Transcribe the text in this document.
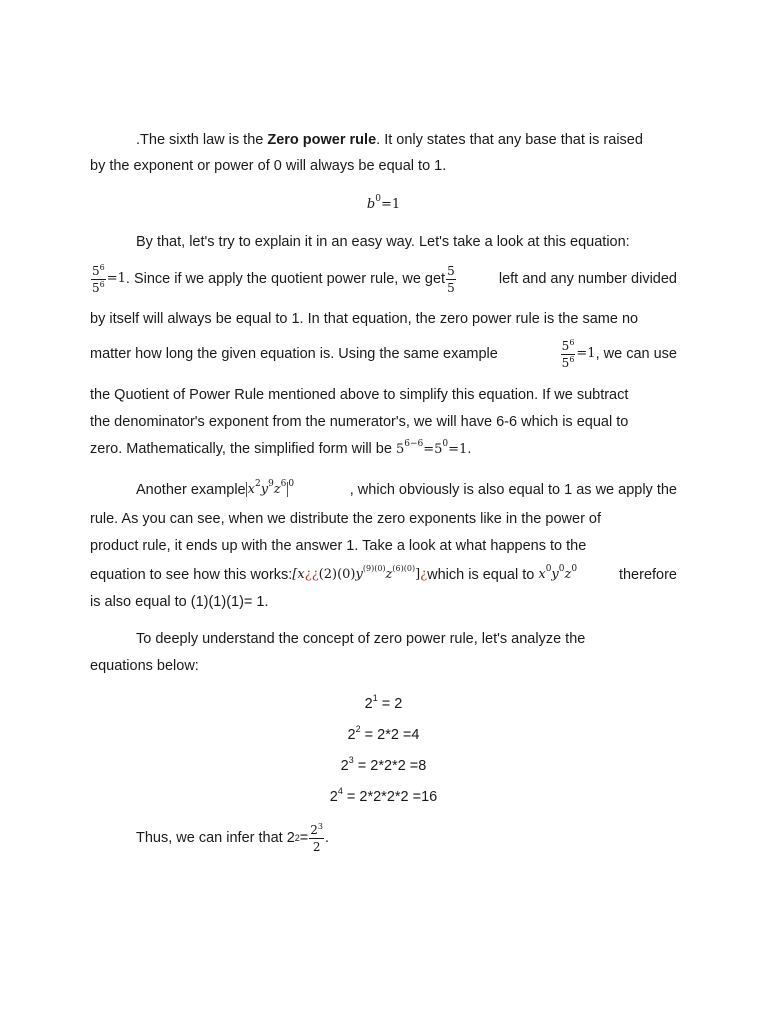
.The sixth law is the Zero power rule. It only states that any base that is raised
by the exponent or power of 0 will always be equal to 1.
$b^0=1$
By that, let's try to explain it in an easy way. Let's take a look at this equation:
$\frac{5^6}{5^6} =1$ . Since if we apply the quotient power rule, we get $\frac{5}{5}$	left and any number divided
by itself will always be equal to 1. In that equation, the zero power rule is the same no
matter how long the given equation is. Using the same example	$\frac{5^6}{5^6} =1$ , we can use
the Quotient of Power Rule mentioned above to simplify this equation. If we subtract
the denominator's exponent from the numerator's, we will have 6-6 which is equal to
zero. Mathematically, the simplified form will be $5^{6-6}=5^0=1$.
Another example $x^2y^9z^6$ $^0$	, which obviously is also equal to 1 as we apply the
rule. As you can see, when we distribute the zero exponents like in the power of
product rule, it ends up with the answer 1. Take a look at what happens to the
equation to see how this works: $[x¿¿(2)(0)y^{(9)(0)}z^{(6)(0)}]¿$ which is equal to $x^0y^0z^0$	therefore
is also equal to (1)(1)(1)= 1.
To deeply understand the concept of zero power rule, let's analyze the
equations below:
$2^1 = 2$
$2^2 = 2*2 =4$
$2^3 = 2*2*2 =8$
$2^4 = 2*2*2*2 =16$
Thus, we can infer that 2 $2 = \frac{2^3}{2}$ .
